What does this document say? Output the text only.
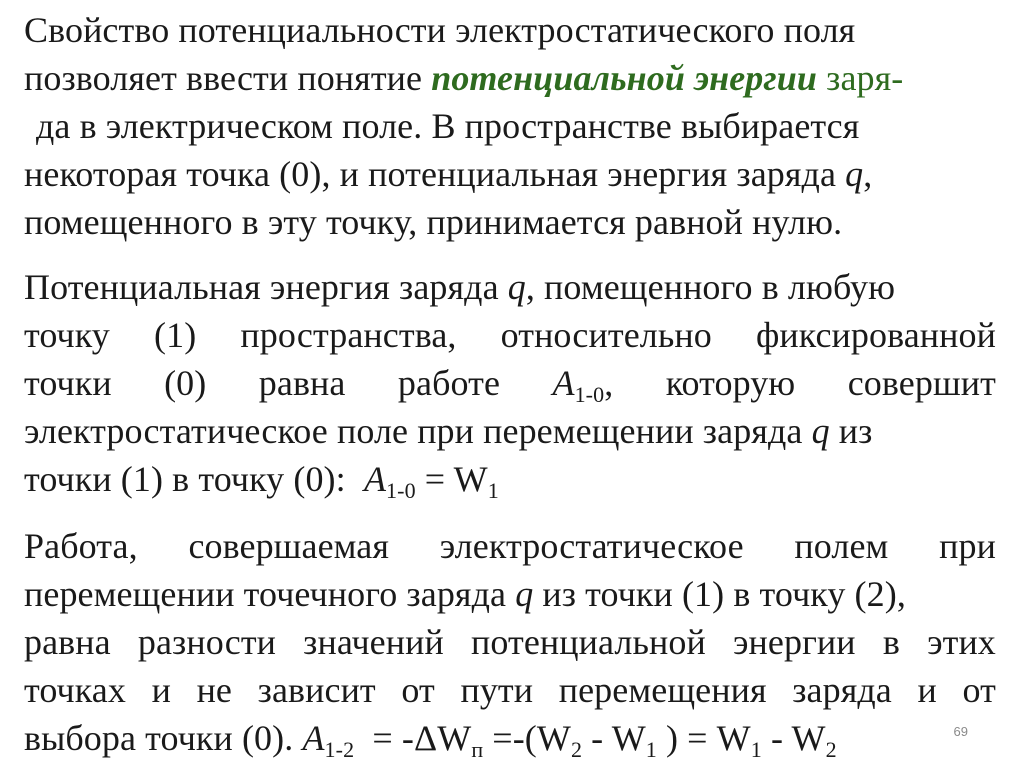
Свойство потенциальности электростатического поля
позволяет ввести понятие потенциальной энергии заря-
да в электрическом поле. В пространстве выбирается
некоторая точка (0), и потенциальная энергия заряда q,
помещенного в эту точку, принимается равной нулю.
Потенциальная энергия заряда q, помещенного в любую
точку (1) пространства, относительно фиксированной
точки (0) равна работе $A_{1-0}$, которую совершит
электростатическое поле при перемещении заряда q из
точки (1) в точку (0):  $A_{1-0} = W_1$
Работа, совершаемая электростатическое полем при
перемещении точечного заряда q из точки (1) в точку (2),
равна разности значений потенциальной энергии в этих
точках и не зависит от пути перемещения заряда и от
выбора точки (0). $A_{1-2} = -\Delta W_п =-(W_2 - W_1$ ) = $W_1 - W_2$
69
